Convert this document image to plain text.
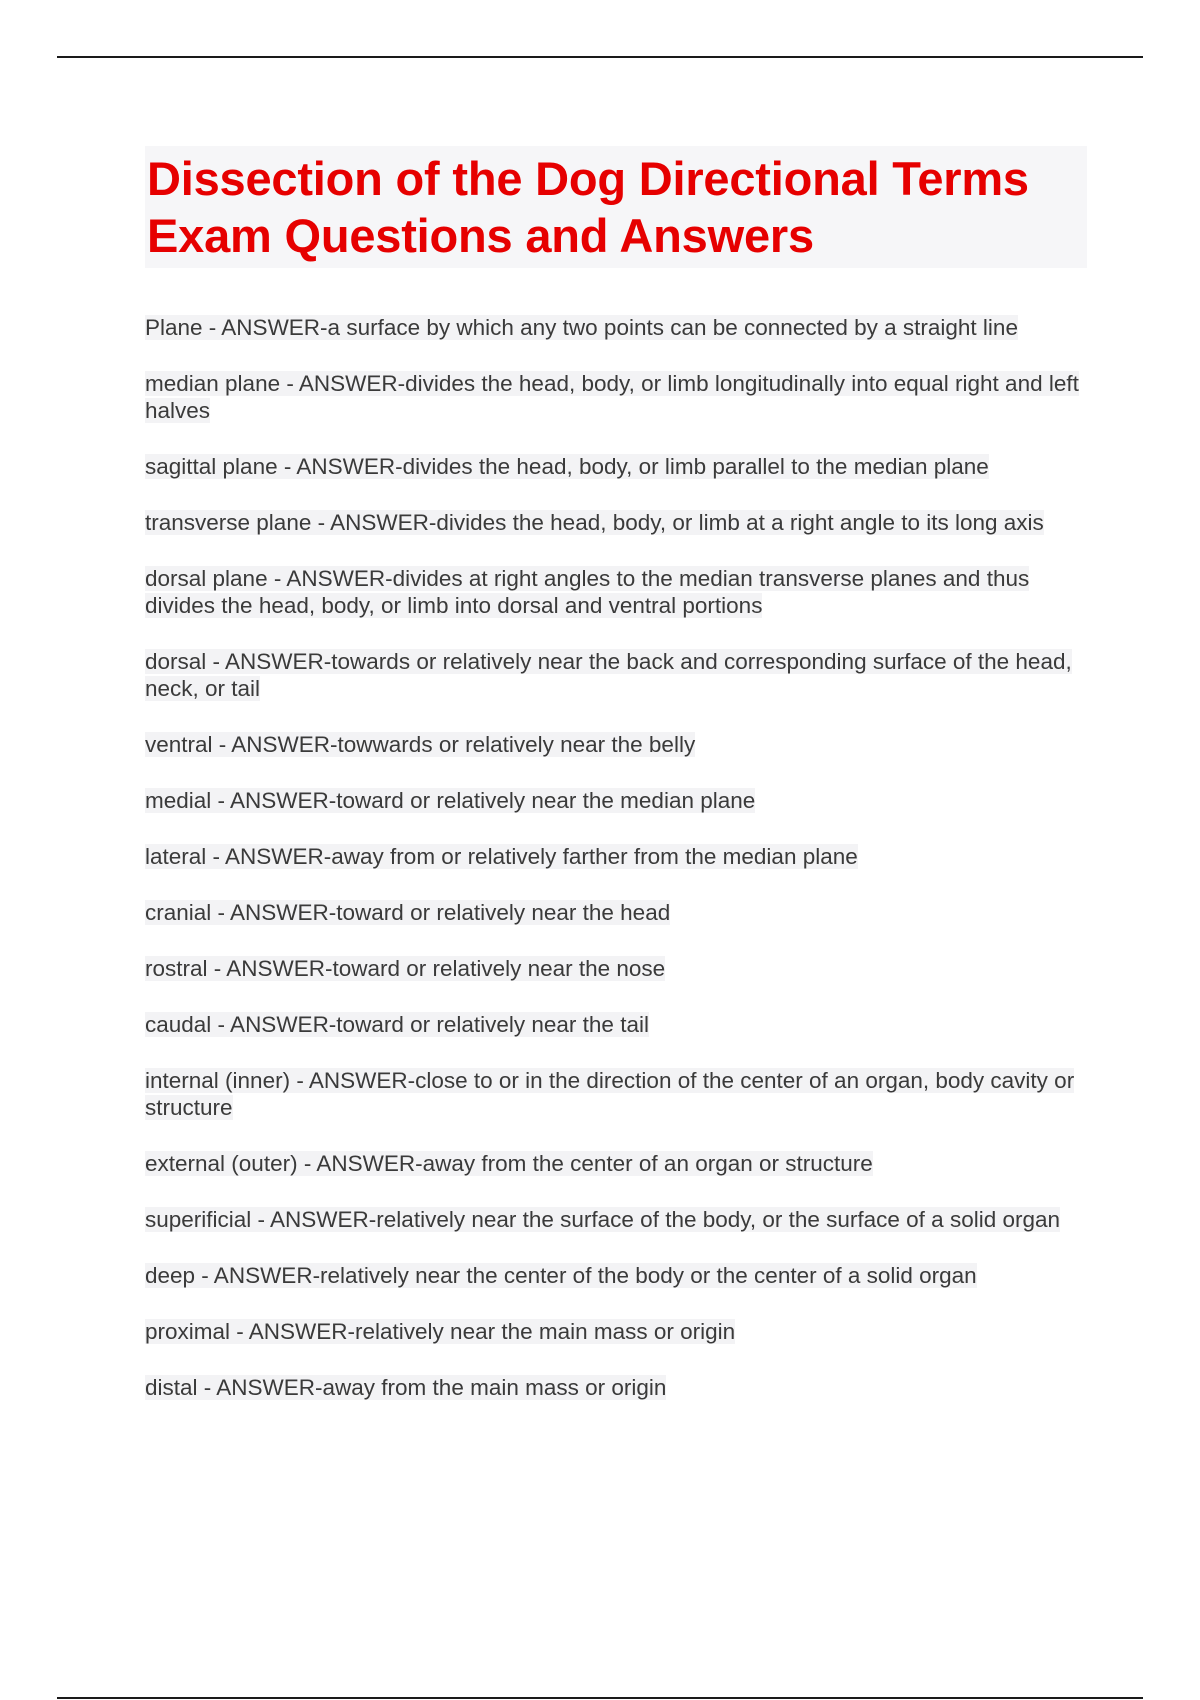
Dissection of the Dog Directional Terms
Exam Questions and Answers

Plane - ANSWER-a surface by which any two points can be connected by a straight line

median plane - ANSWER-divides the head, body, or limb longitudinally into equal right and left halves

sagittal plane - ANSWER-divides the head, body, or limb parallel to the median plane

transverse plane - ANSWER-divides the head, body, or limb at a right angle to its long axis

dorsal plane - ANSWER-divides at right angles to the median transverse planes and thus divides the head, body, or limb into dorsal and ventral portions

dorsal - ANSWER-towards or relatively near the back and corresponding surface of the head, neck, or tail

ventral - ANSWER-towwards or relatively near the belly

medial - ANSWER-toward or relatively near the median plane

lateral - ANSWER-away from or relatively farther from the median plane

cranial - ANSWER-toward or relatively near the head

rostral - ANSWER-toward or relatively near the nose

caudal - ANSWER-toward or relatively near the tail

internal (inner) - ANSWER-close to or in the direction of the center of an organ, body cavity or structure

external (outer) - ANSWER-away from the center of an organ or structure

superificial - ANSWER-relatively near the surface of the body, or the surface of a solid organ

deep - ANSWER-relatively near the center of the body or the center of a solid organ

proximal - ANSWER-relatively near the main mass or origin

distal - ANSWER-away from the main mass or origin
